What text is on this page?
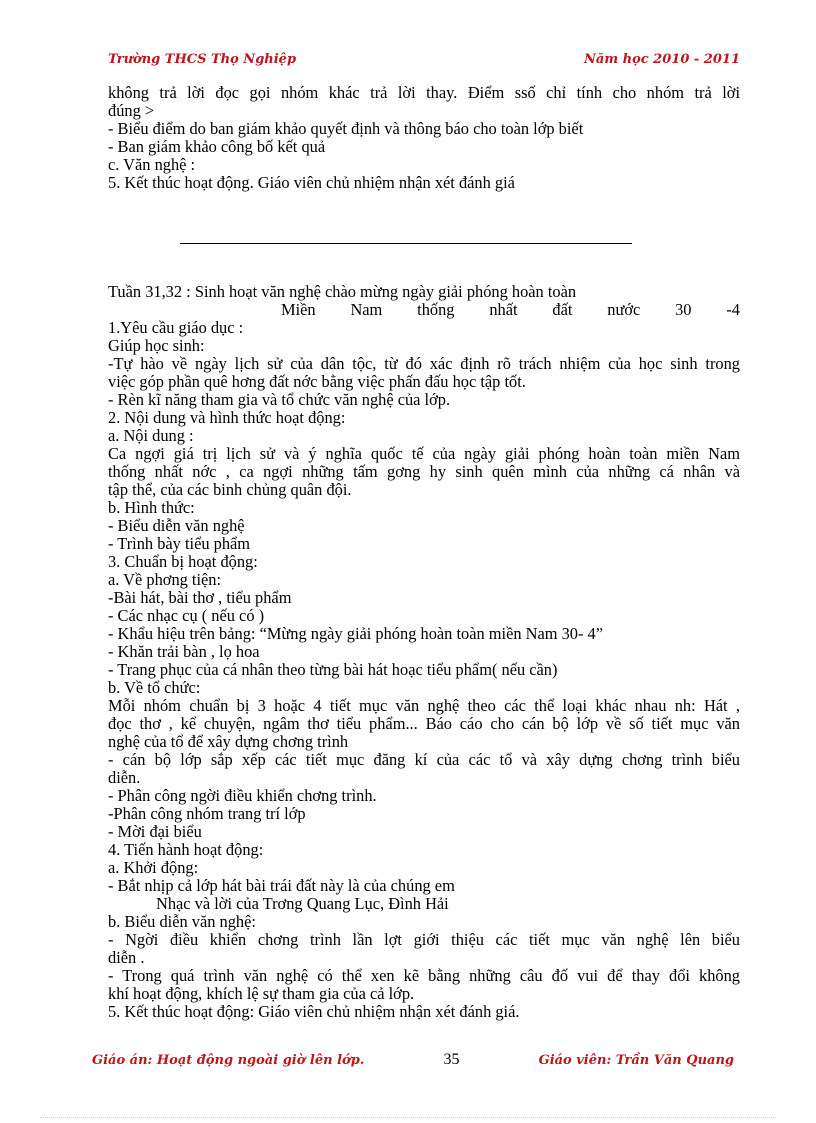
Trường THCS Thọ Nghiệp	Năm học 2010 - 2011
không trả lời đọc gọi nhóm khác trả lời thay. Điểm ssố chỉ tính cho nhóm trả lời
đúng >
- Biểu điểm do ban giám khảo quyết định và thông báo cho toàn lớp biết
- Ban giám khảo công bố kết quả
c. Văn nghệ :
5. Kết thúc hoạt động. Giáo viên chủ nhiệm nhận xét đánh giá
Tuần 31,32 : Sinh hoạt văn nghệ chào mừng ngày giải phóng hoàn toàn
Miền Nam thống nhất đất nước 30 -4
1.Yêu cầu giáo dục :
Giúp học sinh:
-Tự hào về ngày lịch sử của dân tộc, từ đó xác định rõ trách nhiệm của học sinh trong
việc góp phần quê hơng đất nớc bằng việc phấn đấu học tập tốt.
- Rèn kĩ năng tham gia và tổ chức văn nghệ của lớp.
2. Nội dung và hình thức hoạt động:
a. Nội dung :
Ca ngợi giá trị lịch sử và ý nghĩa quốc tế của ngày giải phóng hoàn toàn miền Nam
thống nhất nớc , ca ngợi những tấm gơng hy sinh quên mình của những cá nhân và
tập thể, của các binh chủng quân đội.
b. Hình thức:
- Biểu diễn văn nghệ
- Trình bày tiểu phẩm
3. Chuẩn bị hoạt động:
a. Về phơng tiện:
-Bài hát, bài thơ , tiểu phẩm
- Các nhạc cụ ( nếu có )
- Khẩu hiệu trên bảng: “Mừng ngày giải phóng hoàn toàn miền Nam 30- 4”
- Khăn trải bàn , lọ hoa
- Trang phục của cá nhân theo từng bài hát hoạc tiểu phẩm( nếu cần)
b. Về tổ chức:
Mỗi nhóm chuẩn bị 3 hoặc 4 tiết mục văn nghệ theo các thể loại khác nhau nh: Hát ,
đọc thơ , kể chuyện, ngâm thơ tiểu phẩm... Báo cáo cho cán bộ lớp về số tiết mục văn
nghệ của tổ để xây dựng chơng trình
- cán bộ lớp sắp xếp các tiết mục đăng kí của các tổ và xây dựng chơng trình biểu
diễn.
- Phân công ngời điều khiển chơng trình.
-Phân công nhóm trang trí lớp
- Mời đại biểu
4. Tiến hành hoạt động:
a. Khởi động:
- Bắt nhịp cả lớp hát bài trái đất này là của chúng em
Nhạc và lời của Trơng Quang Lục, Đình Hải
b. Biểu diễn văn nghệ:
- Ngời điều khiển chơng trình lần lợt giới thiệu các tiết mục văn nghệ lên biểu
diễn .
- Trong quá trình văn nghệ có thể xen kẽ bằng những câu đố vui để thay đổi không
khí hoạt động, khích lệ sự tham gia của cả lớp.
5. Kết thúc hoạt động: Giáo viên chủ nhiệm nhận xét đánh giá.
Giáo án: Hoạt động ngoài giờ lên lớp.	35	Giáo viên: Trần Văn Quang
